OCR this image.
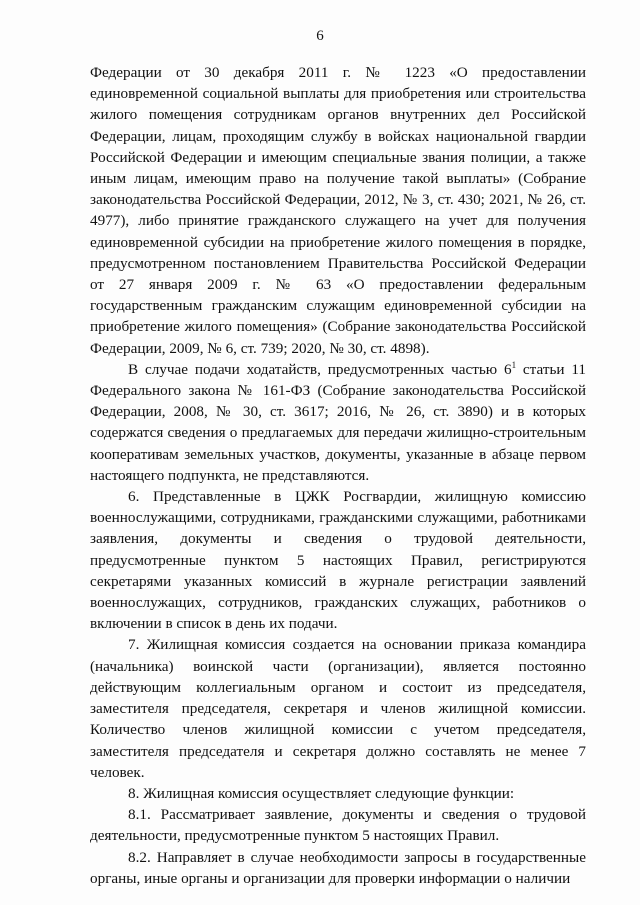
6

Федерации от 30 декабря 2011 г. № 1223 «О предоставлении единовременной социальной выплаты для приобретения или строительства жилого помещения сотрудникам органов внутренних дел Российской Федерации, лицам, проходящим службу в войсках национальной гвардии Российской Федерации и имеющим специальные звания полиции, а также иным лицам, имеющим право на получение такой выплаты» (Собрание законодательства Российской Федерации, 2012, № 3, ст. 430; 2021, № 26, ст. 4977), либо принятие гражданского служащего на учет для получения единовременной субсидии на приобретение жилого помещения в порядке, предусмотренном постановлением Правительства Российской Федерации от 27 января 2009 г. № 63 «О предоставлении федеральным государственным гражданским служащим единовременной субсидии на приобретение жилого помещения» (Собрание законодательства Российской Федерации, 2009, № 6, ст. 739; 2020, № 30, ст. 4898).

В случае подачи ходатайств, предусмотренных частью $6^1$ статьи 11 Федерального закона № 161-ФЗ (Собрание законодательства Российской Федерации, 2008, № 30, ст. 3617; 2016, № 26, ст. 3890) и в которых содержатся сведения о предлагаемых для передачи жилищно-строительным кооперативам земельных участков, документы, указанные в абзаце первом настоящего подпункта, не представляются.

6. Представленные в ЦЖК Росгвардии, жилищную комиссию военнослужащими, сотрудниками, гражданскими служащими, работниками заявления, документы и сведения о трудовой деятельности, предусмотренные пунктом 5 настоящих Правил, регистрируются секретарями указанных комиссий в журнале регистрации заявлений военнослужащих, сотрудников, гражданских служащих, работников о включении в список в день их подачи.

7. Жилищная комиссия создается на основании приказа командира (начальника) воинской части (организации), является постоянно действующим коллегиальным органом и состоит из председателя, заместителя председателя, секретаря и членов жилищной комиссии. Количество членов жилищной комиссии с учетом председателя, заместителя председателя и секретаря должно составлять не менее 7 человек.

8. Жилищная комиссия осуществляет следующие функции:

8.1. Рассматривает заявление, документы и сведения о трудовой деятельности, предусмотренные пунктом 5 настоящих Правил.

8.2. Направляет в случае необходимости запросы в государственные органы, иные органы и организации для проверки информации о наличии
